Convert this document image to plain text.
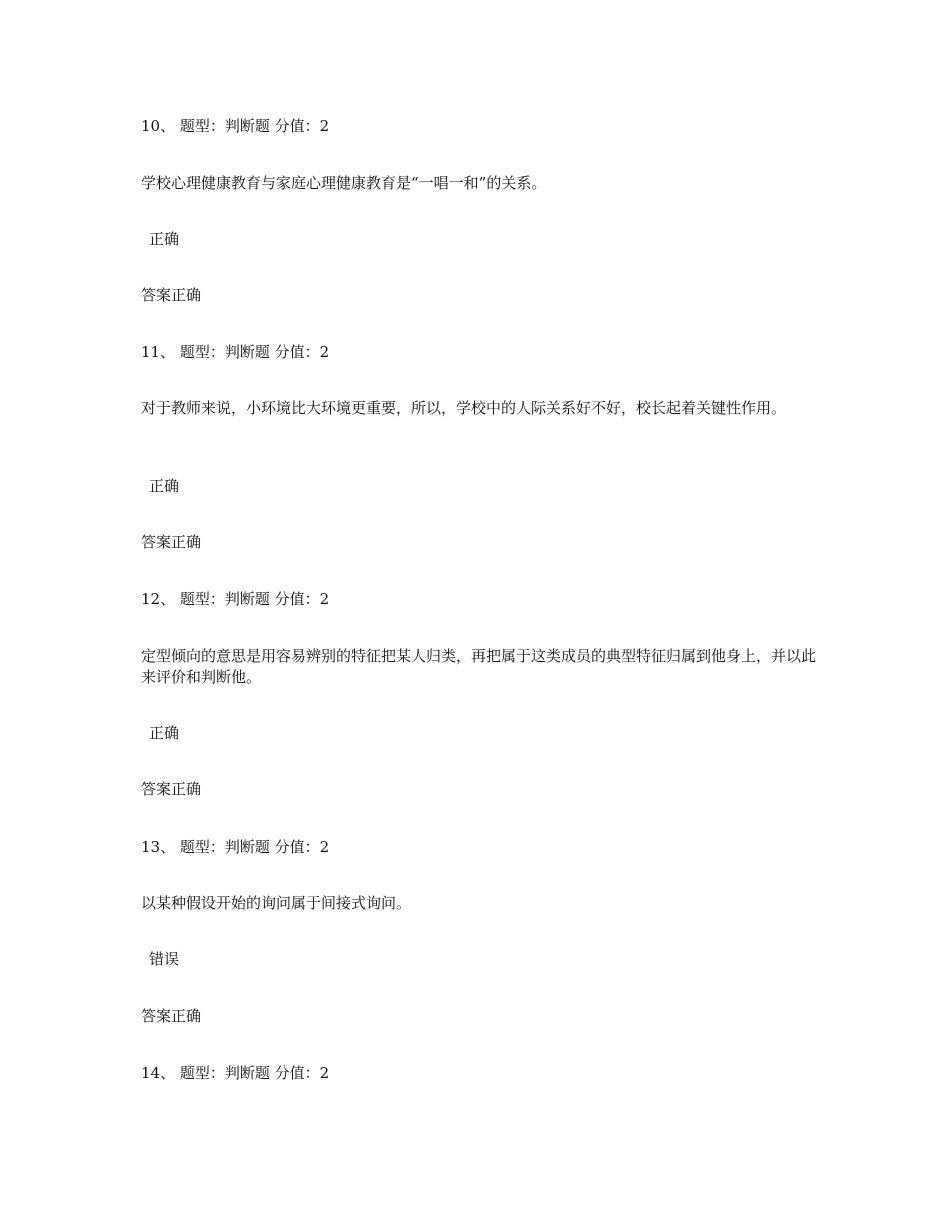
10、 题型：判断题 分值：2
学校心理健康教育与家庭心理健康教育是“一唱一和”的关系。
正确
答案正确
11、 题型：判断题 分值：2
对于教师来说，小环境比大环境更重要，所以，学校中的人际关系好不好，校长起着关键性作用。
正确
答案正确
12、 题型：判断题 分值：2
定型倾向的意思是用容易辨别的特征把某人归类，再把属于这类成员的典型特征归属到他身上，并以此来评价和判断他。
正确
答案正确
13、 题型：判断题 分值：2
以某种假设开始的询问属于间接式询问。
错误
答案正确
14、 题型：判断题 分值：2
